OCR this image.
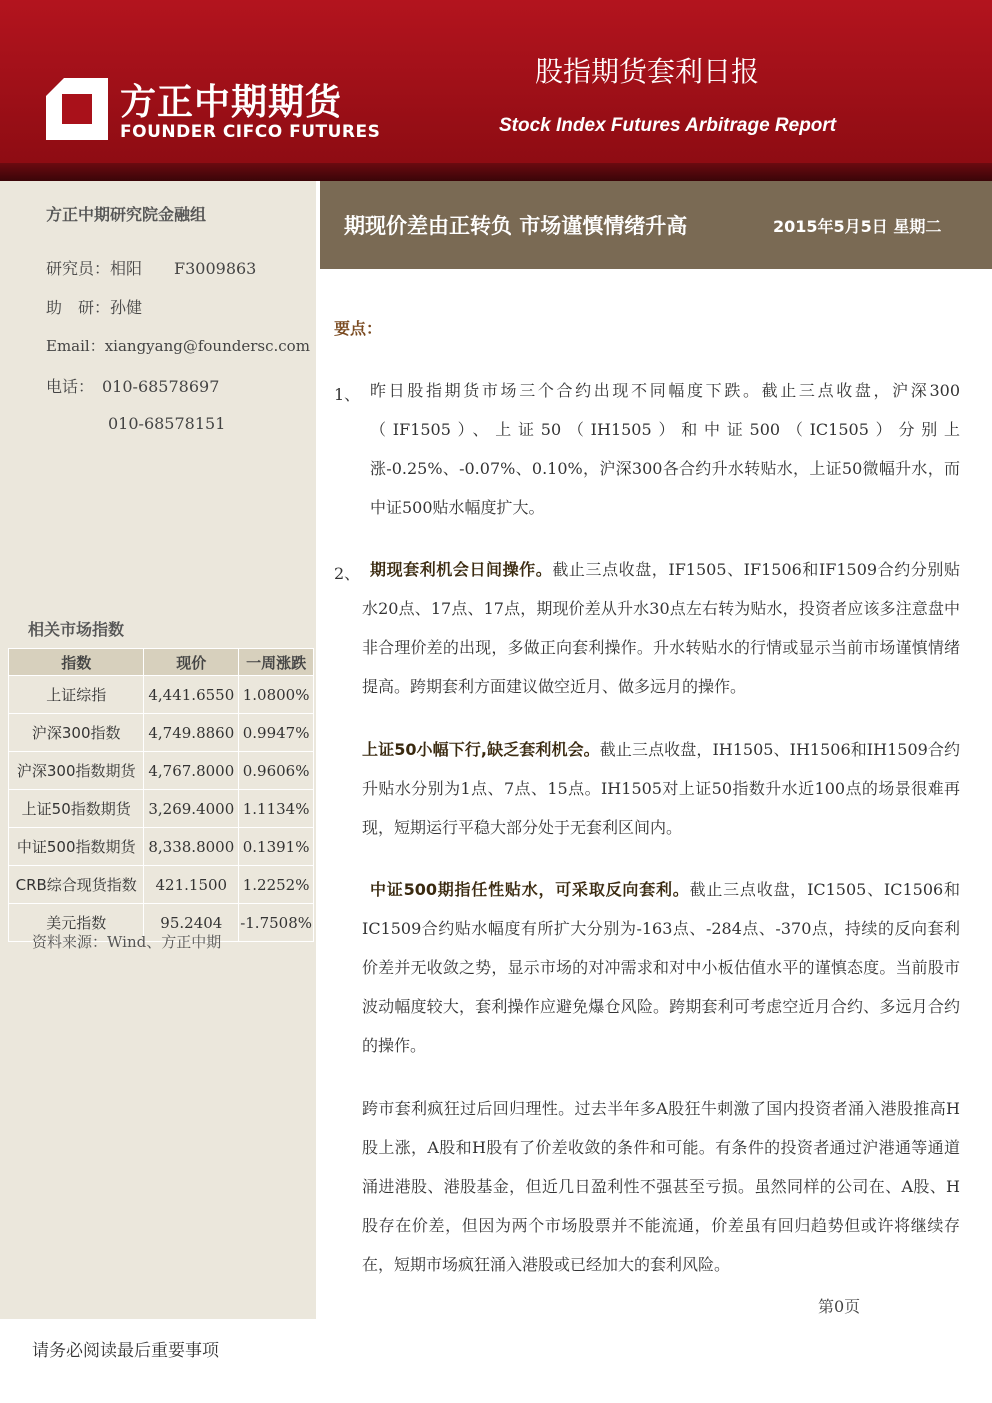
方正中期期货
FOUNDER CIFCO FUTURES
股指期货套利日报
Stock Index Futures Arbitrage Report
方正中期研究院金融组
研究员：相阳　　F3009863
助　研：孙健
Email：xiangyang@foundersc.com
电话：　010-68578697
010-68578151
相关市场指数
指数	现价	一周涨跌
上证综指	4,441.6550	1.0800%
沪深300指数	4,749.8860	0.9947%
沪深300指数期货	4,767.8000	0.9606%
上证50指数期货	3,269.4000	1.1134%
中证500指数期货	8,338.8000	0.1391%
CRB综合现货指数	421.1500	1.2252%
美元指数	95.2404	-1.7508%
资料来源：Wind、方正中期
期现价差由正转负 市场谨慎情绪升高	2015年5月5日 星期二
要点：
1、 昨日股指期货市场三个合约出现不同幅度下跌。截止三点收盘，沪深300（IF1505）、上证50（IH1505）和中证500（IC1505）分别上涨-0.25%、-0.07%、0.10%，沪深300各合约升水转贴水，上证50微幅升水，而中证500贴水幅度扩大。
2、 期现套利机会日间操作。截止三点收盘，IF1505、IF1506和IF1509合约分别贴水20点、17点、17点，期现价差从升水30点左右转为贴水，投资者应该多注意盘中非合理价差的出现，多做正向套利操作。升水转贴水的行情或显示当前市场谨慎情绪提高。跨期套利方面建议做空近月、做多远月的操作。
上证50小幅下行,缺乏套利机会。截止三点收盘，IH1505、IH1506和IH1509合约升贴水分别为1点、7点、15点。IH1505对上证50指数升水近100点的场景很难再现，短期运行平稳大部分处于无套利区间内。
中证500期指任性贴水，可采取反向套利。截止三点收盘，IC1505、IC1506和IC1509合约贴水幅度有所扩大分别为-163点、-284点、-370点，持续的反向套利价差并无收敛之势，显示市场的对冲需求和对中小板估值水平的谨慎态度。当前股市波动幅度较大，套利操作应避免爆仓风险。跨期套利可考虑空近月合约、多远月合约的操作。
跨市套利疯狂过后回归理性。过去半年多A股狂牛刺激了国内投资者涌入港股推高H股上涨，A股和H股有了价差收敛的条件和可能。有条件的投资者通过沪港通等通道涌进港股、港股基金，但近几日盈利性不强甚至亏损。虽然同样的公司在、A股、H股存在价差，但因为两个市场股票并不能流通，价差虽有回归趋势但或许将继续存在，短期市场疯狂涌入港股或已经加大的套利风险。
第0页
请务必阅读最后重要事项
